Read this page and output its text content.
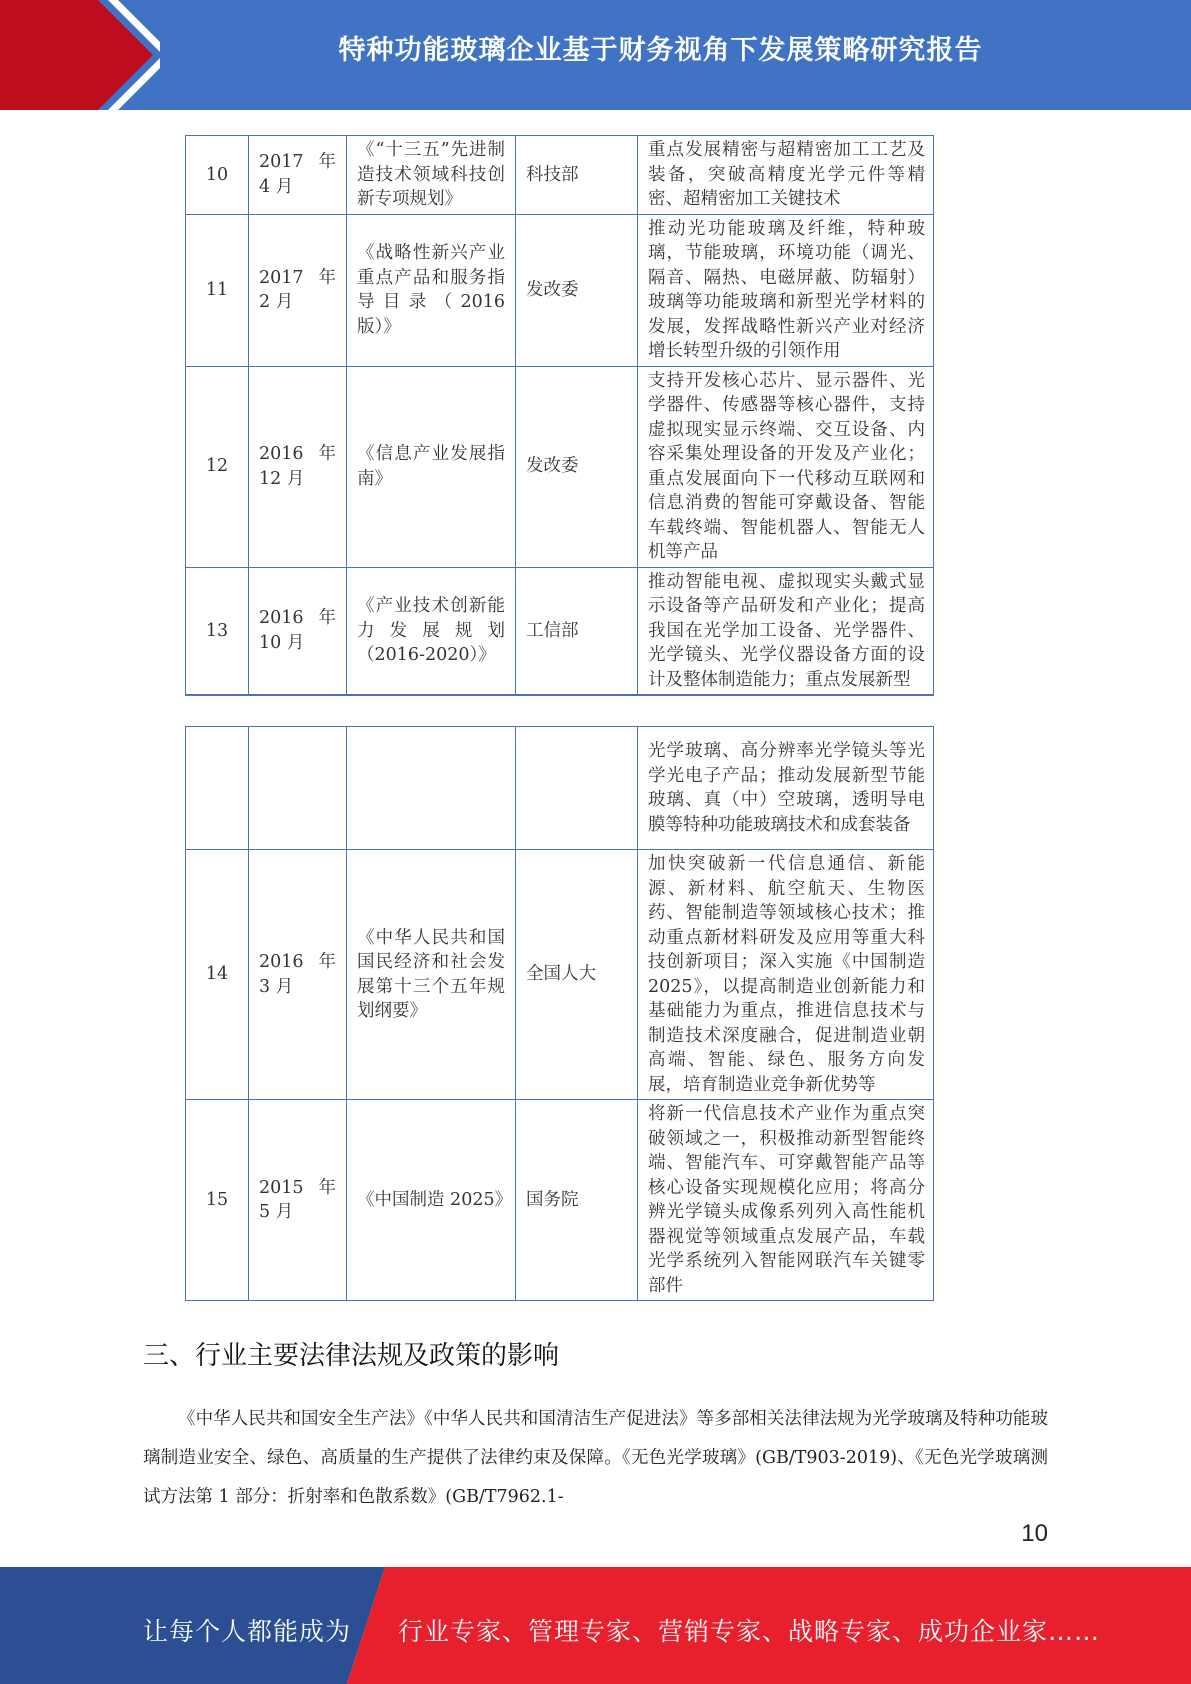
特种功能玻璃企业基于财务视角下发展策略研究报告
10	2017 年 4 月	《“十三五”先进制造技术领域科技创新专项规划》	科技部	重点发展精密与超精密加工工艺及装备，突破高精度光学元件等精密、超精密加工关键技术
11	2017 年 2 月	《战略性新兴产业重点产品和服务指导目录（2016 版）》	发改委	推动光功能玻璃及纤维，特种玻璃，节能玻璃，环境功能（调光、隔音、隔热、电磁屏蔽、防辐射）玻璃等功能玻璃和新型光学材料的发展，发挥战略性新兴产业对经济增长转型升级的引领作用
12	2016 年 12 月	《信息产业发展指南》	发改委	支持开发核心芯片、显示器件、光学器件、传感器等核心器件，支持虚拟现实显示终端、交互设备、内容采集处理设备的开发及产业化；重点发展面向下一代移动互联网和信息消费的智能可穿戴设备、智能车载终端、智能机器人、智能无人机等产品
13	2016 年 10 月	《产业技术创新能力发展规划（2016-2020）》	工信部	推动智能电视、虚拟现实头戴式显示设备等产品研发和产业化；提高我国在光学加工设备、光学器件、光学镜头、光学仪器设备方面的设计及整体制造能力；重点发展新型
				光学玻璃、高分辨率光学镜头等光学光电子产品；推动发展新型节能玻璃、真（中）空玻璃，透明导电膜等特种功能玻璃技术和成套装备
14	2016 年 3 月	《中华人民共和国国民经济和社会发展第十三个五年规划纲要》	全国人大	加快突破新一代信息通信、新能源、新材料、航空航天、生物医药、智能制造等领域核心技术；推动重点新材料研发及应用等重大科技创新项目；深入实施《中国制造2025》，以提高制造业创新能力和基础能力为重点，推进信息技术与制造技术深度融合，促进制造业朝高端、智能、绿色、服务方向发展，培育制造业竞争新优势等
15	2015 年 5 月	《中国制造 2025》	国务院	将新一代信息技术产业作为重点突破领域之一，积极推动新型智能终端、智能汽车、可穿戴智能产品等核心设备实现规模化应用；将高分辨光学镜头成像系列列入高性能机器视觉等领域重点发展产品，车载光学系统列入智能网联汽车关键零部件
三、行业主要法律法规及政策的影响
《中华人民共和国安全生产法》《中华人民共和国清洁生产促进法》等多部相关法律法规为光学玻璃及特种功能玻璃制造业安全、绿色、高质量的生产提供了法律约束及保障。《无色光学玻璃》(GB/T903-2019)、《无色光学玻璃测试方法第 1 部分：折射率和色散系数》(GB/T7962.1-
10
让每个人都能成为 行业专家、管理专家、营销专家、战略专家、成功企业家……
